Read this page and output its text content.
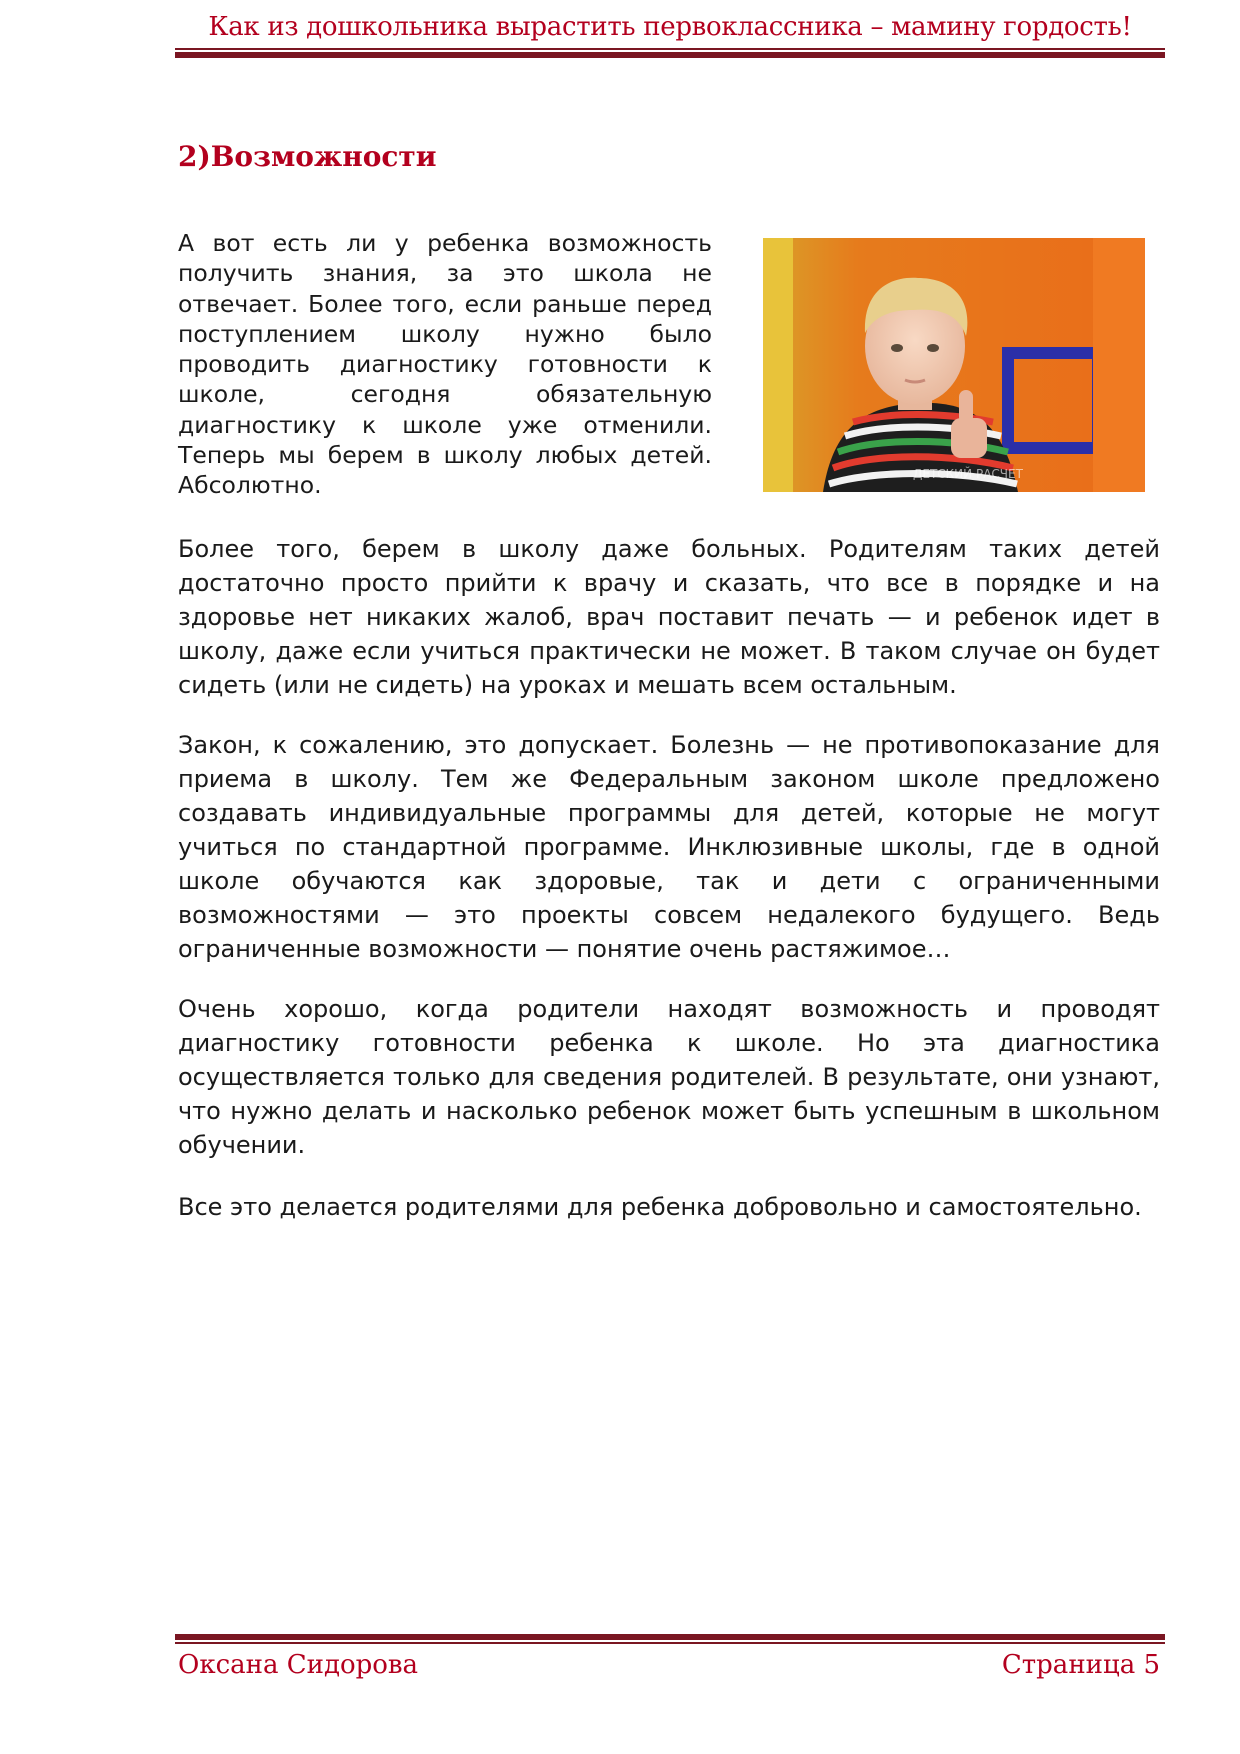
Как из дошкольника вырастить первоклассника – мамину гордость!
2)Возможности

А вот есть ли у ребенка возможность получить знания, за это школа не отвечает. Более того, если раньше перед поступлением школу нужно было проводить диагностику готовности к школе, сегодня обязательную диагностику к школе уже отменили. Теперь мы берем в школу любых детей. Абсолютно.	ДЕТСКИЙ РАСЧЕТ

Более того, берем в школу даже больных. Родителям таких детей достаточно просто прийти к врачу и сказать, что все в порядке и на здоровье нет никаких жалоб, врач поставит печать — и ребенок идет в школу, даже если учиться практически не может. В таком случае он будет сидеть (или не сидеть) на уроках и мешать всем остальным.

Закон, к сожалению, это допускает. Болезнь — не противопоказание для приема в школу. Тем же Федеральным законом школе предложено создавать индивидуальные программы для детей, которые не могут учиться по стандартной программе. Инклюзивные школы, где в одной школе обучаются как здоровые, так и дети с ограниченными возможностями — это проекты совсем недалекого будущего. Ведь ограниченные возможности — понятие очень растяжимое…

Очень хорошо, когда родители находят возможность и проводят диагностику готовности ребенка к школе. Но эта диагностика осуществляется только для сведения родителей. В результате, они узнают, что нужно делать и насколько ребенок может быть успешным в школьном обучении.

Все это делается родителями для ребенка добровольно и самостоятельно.

Оксана Сидорова	Страница 5
